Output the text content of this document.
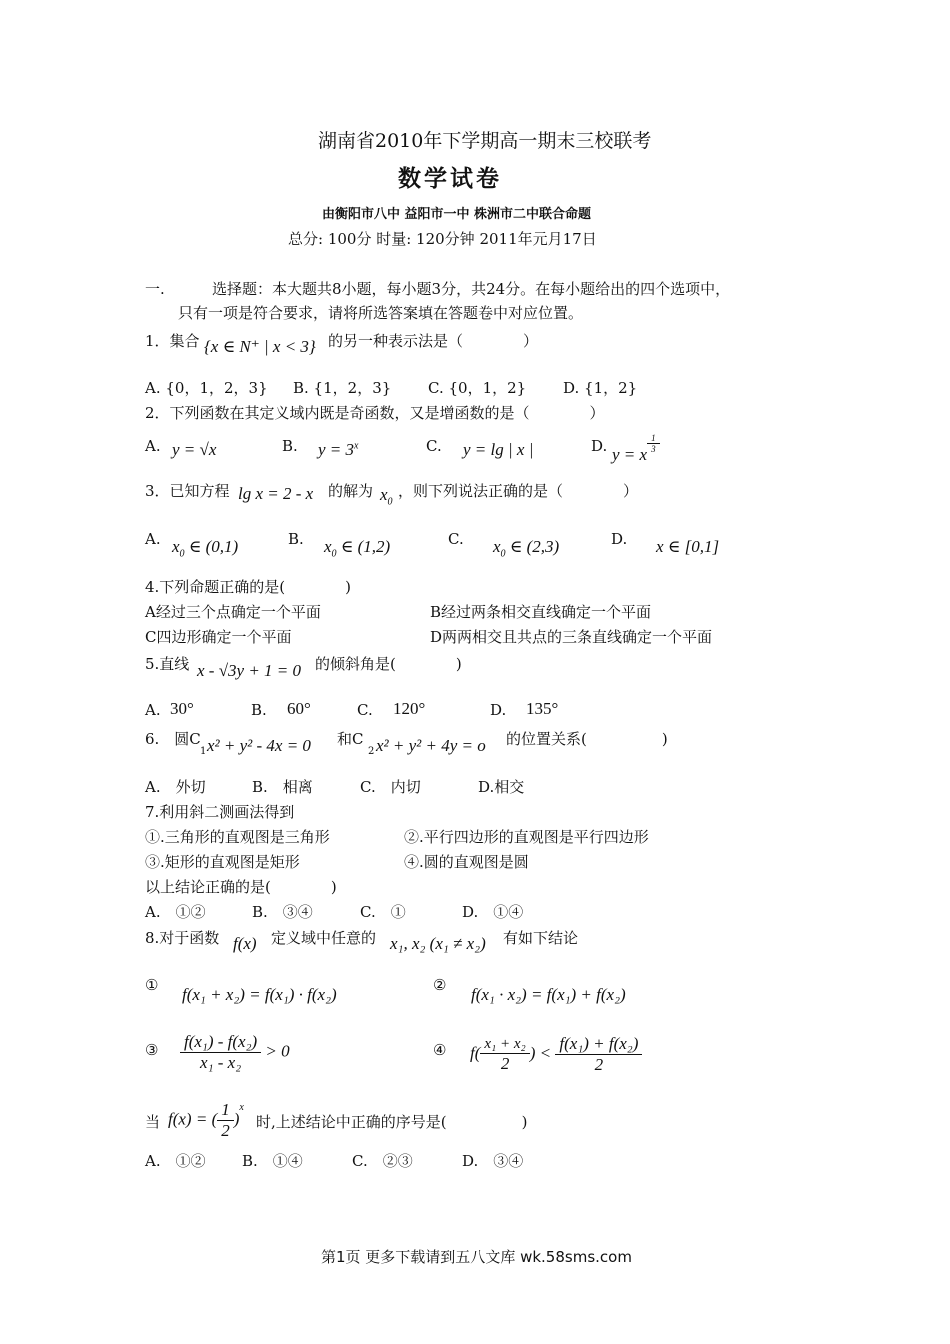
湖南省2010年下学期高一期末三校联考
数学试卷
由衡阳市八中 益阳市一中 株洲市二中联合命题
总分: 100分 时量: 120分钟 2011年元月17日
一.	选择题：本大题共8小题，每小题3分，共24分。在每小题给出的四个选项中，
只有一项是符合要求，请将所选答案填在答题卷中对应位置。
1．集合 {x ∈ N⁺ | x < 3} 的另一种表示法是（　　　　）
A. {0，1，2，3} B. {1，2，3} C. {0，1，2} D. {1，2}
2．下列函数在其定义域内既是奇函数，又是增函数的是（　　　　）
A. y = √x	B. $y = 3^x$	C. y = lg | x |	D. y = x
$\frac{1}{3}$
3．已知方程 lg x = 2 - x 的解为 $x_0$
，则下列说法正确的是（　　　　）
A. $x_0$ ∈ (0,1)	B. $x_0$ ∈ (1,2)	C. $x_0$ ∈ (2,3)	D. x ∈ [0,1]
4.下列命题正确的是(　　　　)
A经过三个点确定一个平面	B经过两条相交直线确定一个平面
C四边形确定一个平面	D两两相交且共点的三条直线确定一个平面
5.直线 x - √3y + 1 = 0 的倾斜角是(　　　　)
A. 30°	B. 60°	C. 120°	D. 135°
6.　圆C
1 x² + y² - 4x = 0 和C
2 x² + y² + 4y = o 的位置关系(　　　　　)
A.　外切	B.　相离	C.　内切	D.相交
7.利用斜二测画法得到
①.三角形的直观图是三角形	②.平行四边形的直观图是平行四边形
③.矩形的直观图是矩形	④.圆的直观图是圆
以上结论正确的是(　　　　)
A.　①②	B.　③④	C.　①	D.　①④
8.对于函数 f(x) 定义域中任意的 x₁, x₂ (x₁ ≠ x₂) 有如下结论
① f(x₁ + x₂) = f(x₁) · f(x₂)	② f(x₁ · x₂) = f(x₁) + f(x₂)
③ $\frac{\text{f(x₁) - f(x₂)}}{\text{x₁ - x₂}} > 0$	④ $f( \frac{\text{x₁ + x₂}}{2}$ ) < $\frac{\text{f(x₁) + f(x₂)}}{2}$
当 f(x) = ( $\frac{1}{2} )^x$
时,上述结论中正确的序号是(　　　　　)
A.　①② B.　①④	C.　②③	D.　③④
第1页 更多下载请到五八文库 wk.58sms.com
